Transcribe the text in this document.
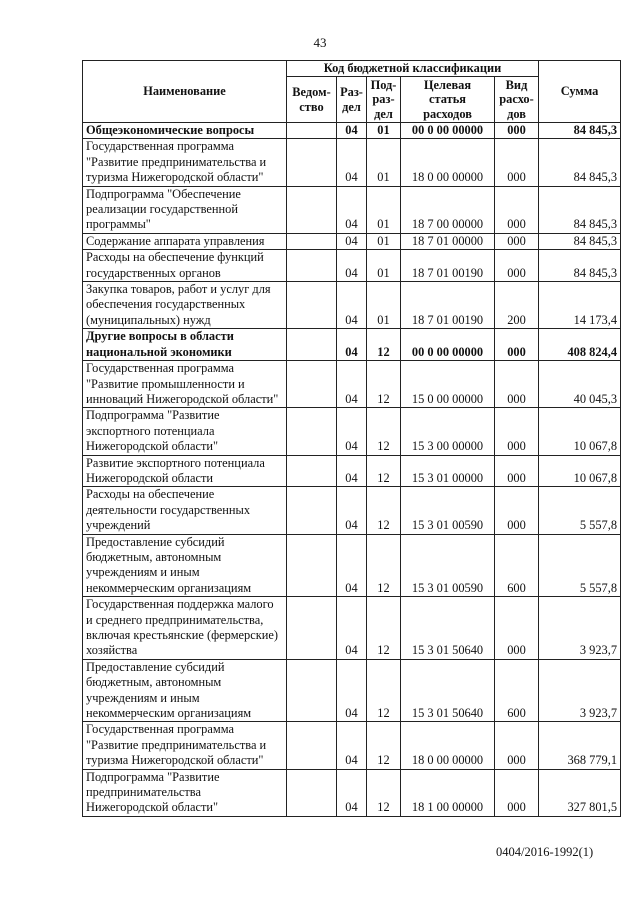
43
Наименование	Код бюджетной классификации					Сумма
	Ведом-ство	Раз-дел	Под-раз-дел	Целевая статья расходов	Вид расхо-дов	
Общеэкономические вопросы		04	01	00 0 00 00000	000	84 845,3
Государственная программа "Развитие предпринимательства и туризма Нижегородской области"		04	01	18 0 00 00000	000	84 845,3
Подпрограмма "Обеспечение реализации государственной программы"		04	01	18 7 00 00000	000	84 845,3
Содержание аппарата управления		04	01	18 7 01 00000	000	84 845,3
Расходы на обеспечение функций государственных органов		04	01	18 7 01 00190	000	84 845,3
Закупка товаров, работ и услуг для обеспечения государственных (муниципальных) нужд		04	01	18 7 01 00190	200	14 173,4
Другие вопросы в области национальной экономики		04	12	00 0 00 00000	000	408 824,4
Государственная программа "Развитие промышленности и инноваций Нижегородской области"		04	12	15 0 00 00000	000	40 045,3
Подпрограмма "Развитие экспортного потенциала Нижегородской области"		04	12	15 3 00 00000	000	10 067,8
Развитие экспортного потенциала Нижегородской области		04	12	15 3 01 00000	000	10 067,8
Расходы на обеспечение деятельности государственных учреждений		04	12	15 3 01 00590	000	5 557,8
Предоставление субсидий бюджетным, автономным учреждениям и иным некоммерческим организациям		04	12	15 3 01 00590	600	5 557,8
Государственная поддержка малого и среднего предпринимательства, включая крестьянские (фермерские) хозяйства		04	12	15 3 01 50640	000	3 923,7
Предоставление субсидий бюджетным, автономным учреждениям и иным некоммерческим организациям		04	12	15 3 01 50640	600	3 923,7
Государственная программа "Развитие предпринимательства и туризма Нижегородской области"		04	12	18 0 00 00000	000	368 779,1
Подпрограмма "Развитие предпринимательства Нижегородской области"		04	12	18 1 00 00000	000	327 801,5
0404/2016-1992(1)
